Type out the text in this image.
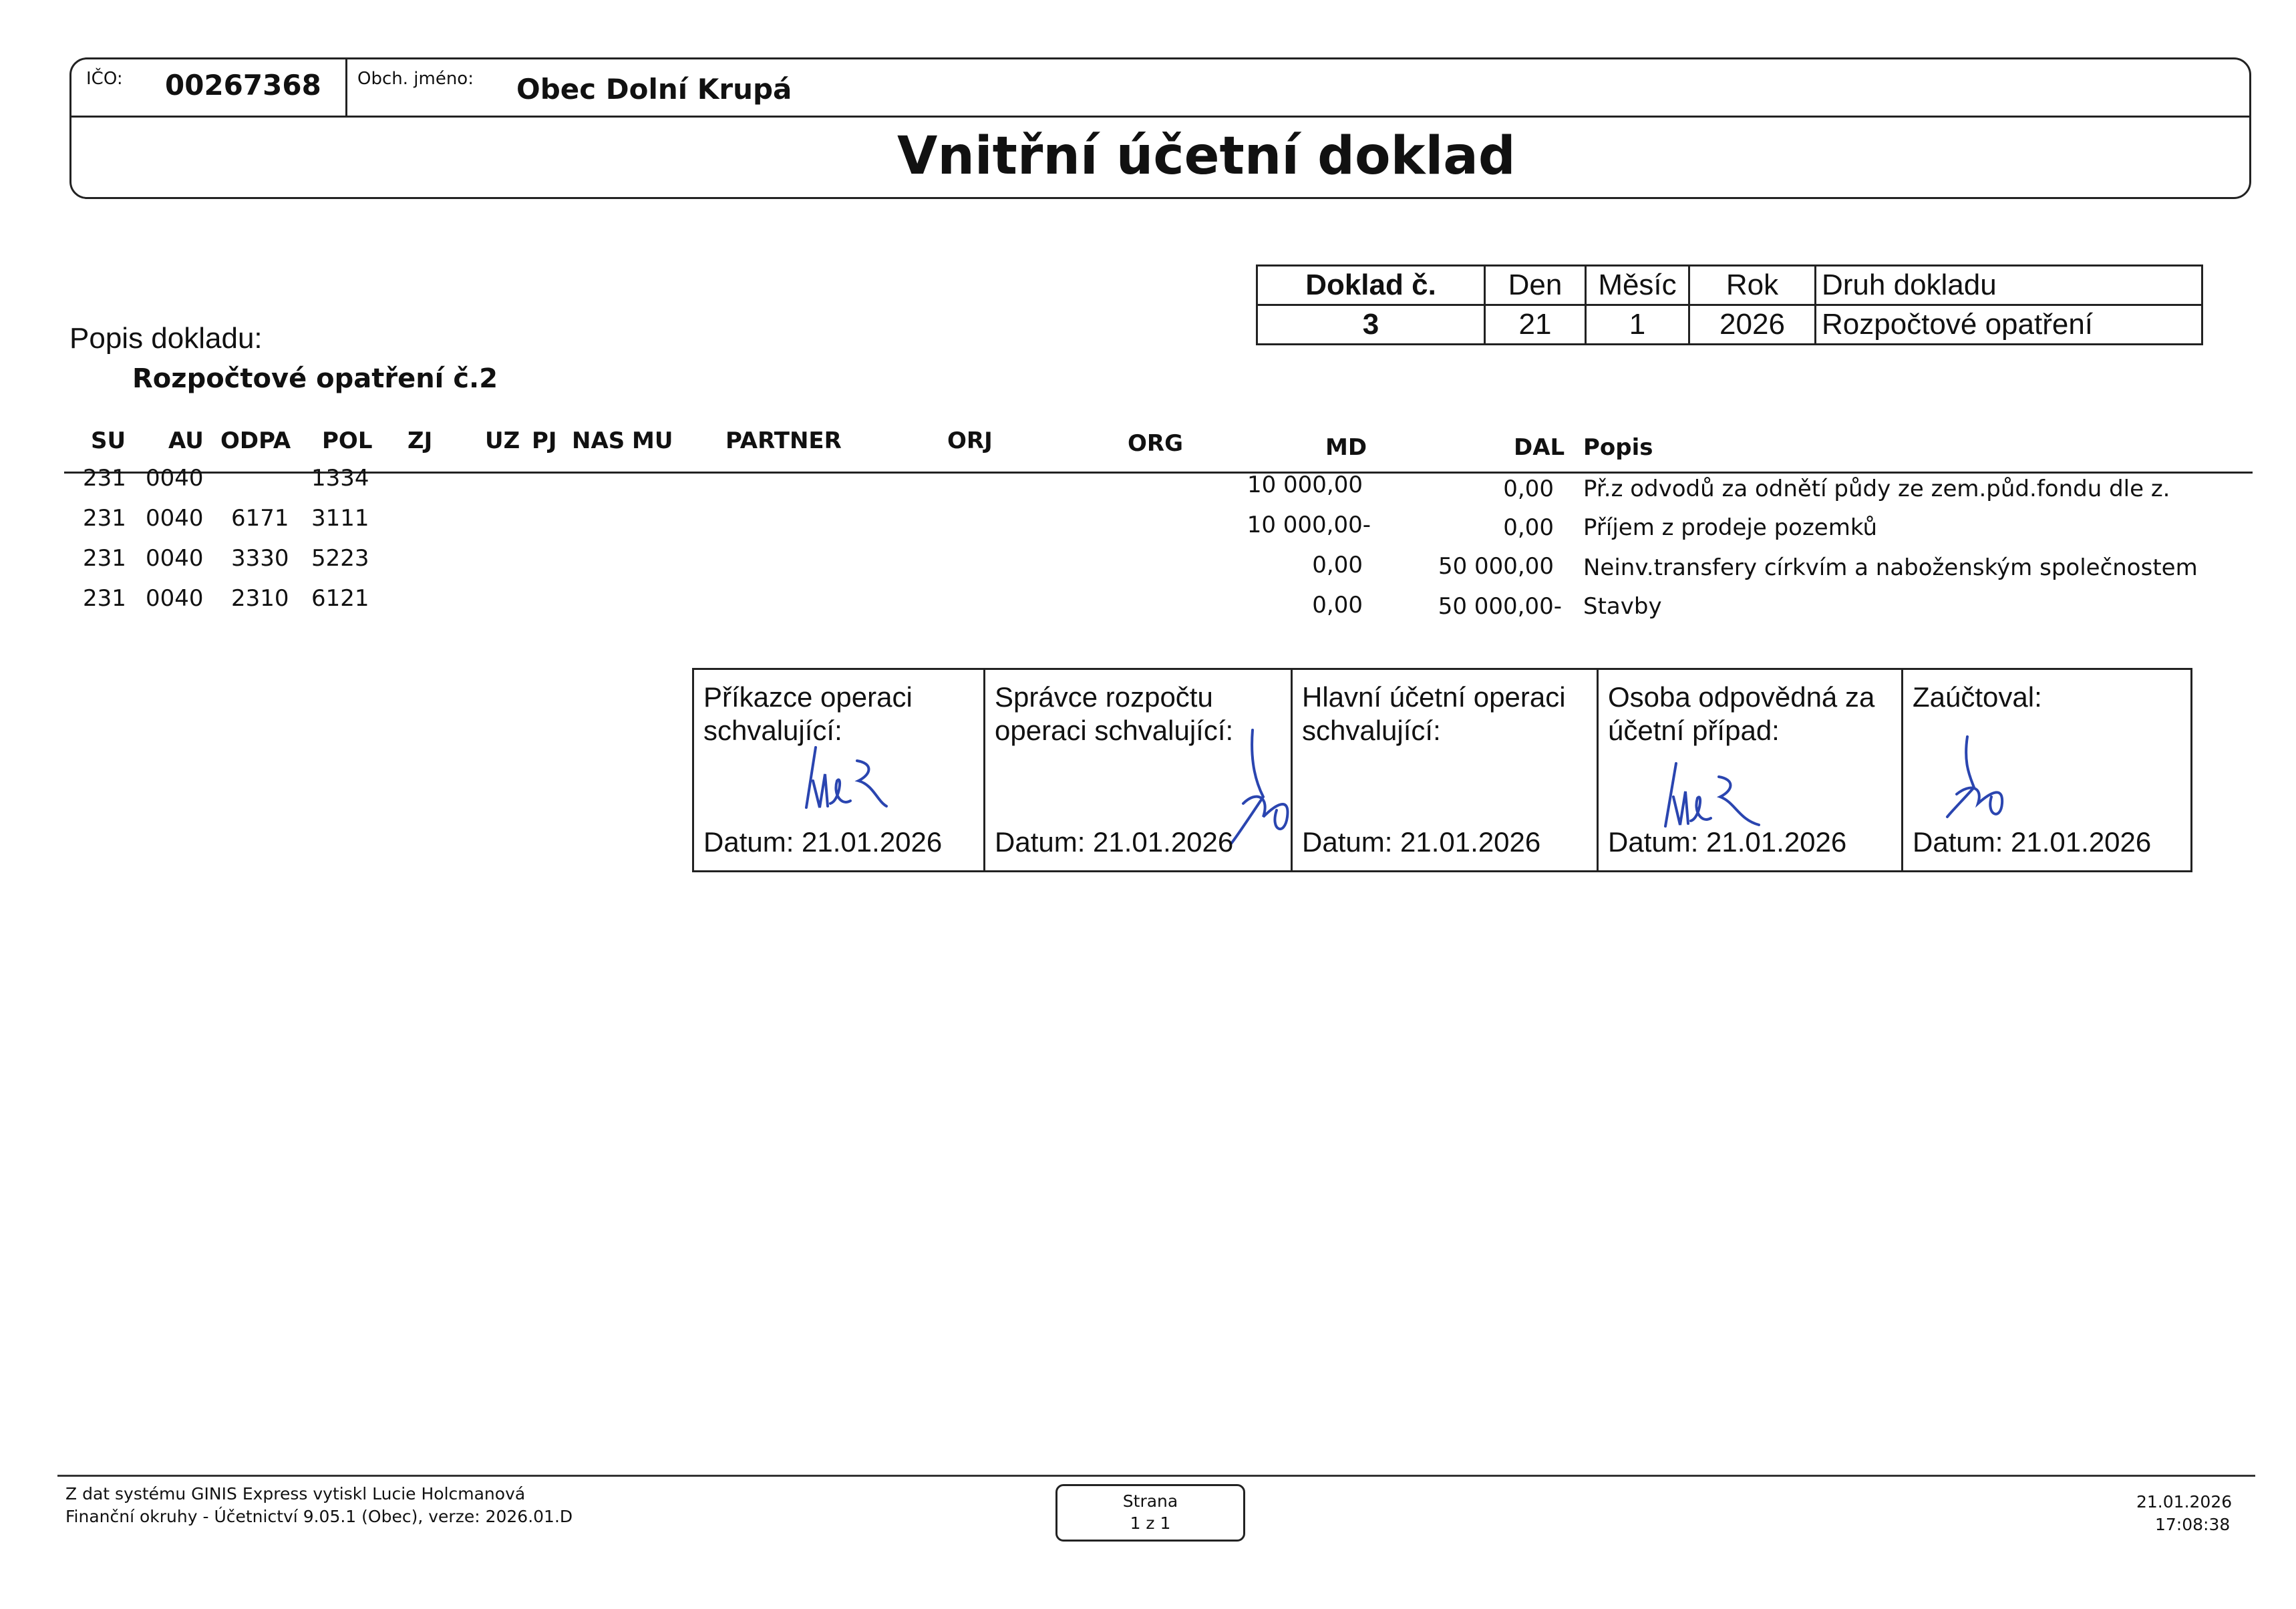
IČO: 00267368 Obch. jméno: Obec Dolní Krupá
Vnitřní účetní doklad
Doklad č.	Den	Měsíc	Rok	Druh dokladu
3	21	1	2026	Rozpočtové opatření
Popis dokladu:
Rozpočtové opatření č.2
SU AU ODPA POL ZJ UZ PJ NAS MU PARTNER	ORJ	ORG	MD	DAL Popis
231 0040	1334	10 000,00	0,00 Př.z odvodů za odnětí půdy ze zem.půd.fondu dle z.
231 0040 6171 3111	10 000,00-	0,00 Příjem z prodeje pozemků
231 0040 3330 5223	0,00	50 000,00 Neinv.transfery církvím a naboženským společnostem
231 0040 2310 6121	0,00	50 000,00- Stavby
Příkazce operaci
schvalující:
Datum: 21.01.2026
Správce rozpočtu
operaci schvalující:
Datum: 21.01.2026
Hlavní účetní operaci
schvalující:
Datum: 21.01.2026
Osoba odpovědná za
účetní případ:
Datum: 21.01.2026
Zaúčtoval:
Datum: 21.01.2026
Z dat systému GINIS Express vytiskl Lucie Holcmanová
Finanční okruhy - Účetnictví 9.05.1 (Obec), verze: 2026.01.D
Strana
1 z 1
21.01.2026
17:08:38
